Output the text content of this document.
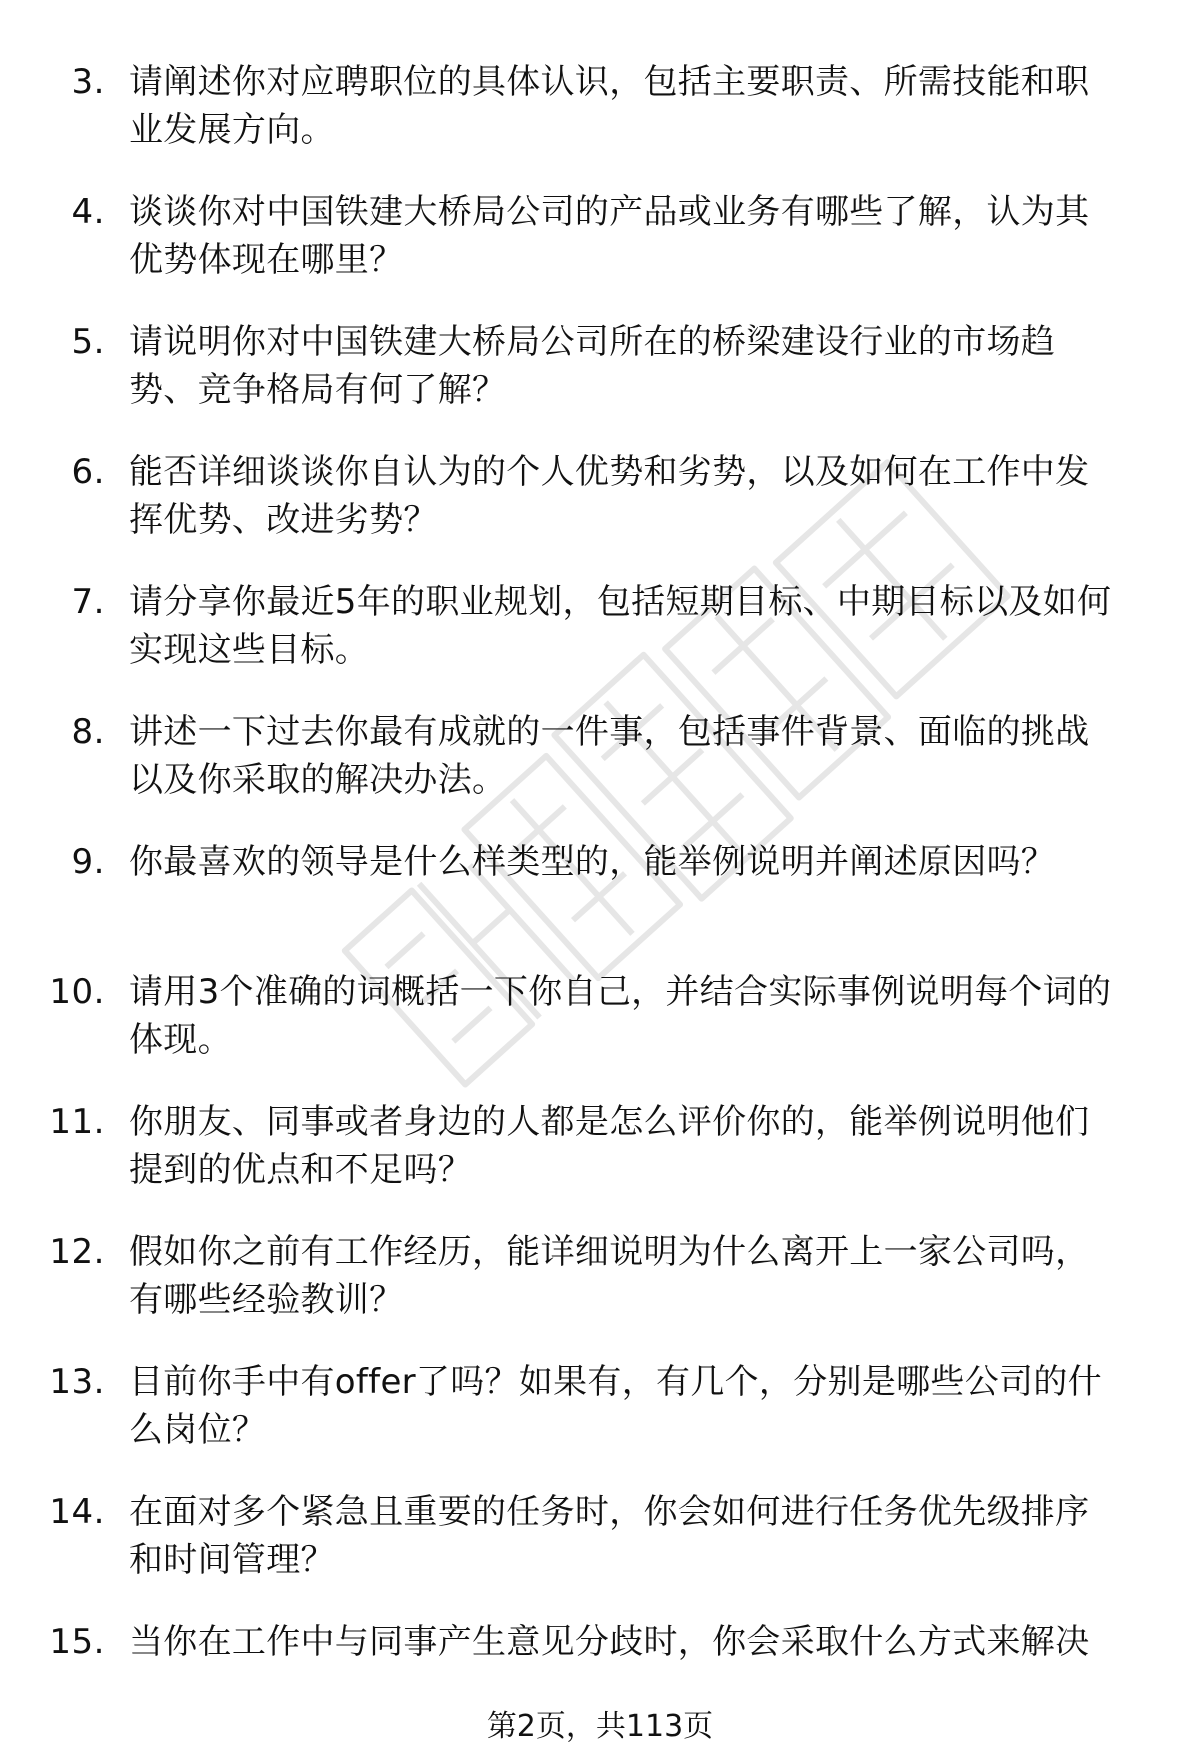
3. 请阐述你对应聘职位的具体认识，包括主要职责、所需技能和职
业发展方向。
4. 谈谈你对中国铁建大桥局公司的产品或业务有哪些了解，认为其
优势体现在哪里？
5. 请说明你对中国铁建大桥局公司所在的桥梁建设行业的市场趋
势、竞争格局有何了解？
6. 能否详细谈谈你自认为的个人优势和劣势，以及如何在工作中发
挥优势、改进劣势？
7. 请分享你最近5年的职业规划，包括短期目标、中期目标以及如何
实现这些目标。
8. 讲述一下过去你最有成就的一件事，包括事件背景、面临的挑战
以及你采取的解决办法。
9. 你最喜欢的领导是什么样类型的，能举例说明并阐述原因吗？
10. 请用3个准确的词概括一下你自己，并结合实际事例说明每个词的
体现。
11. 你朋友、同事或者身边的人都是怎么评价你的，能举例说明他们
提到的优点和不足吗？
12. 假如你之前有工作经历，能详细说明为什么离开上一家公司吗，
有哪些经验教训？
13. 目前你手中有offer了吗？如果有，有几个，分别是哪些公司的什
么岗位？
14. 在面对多个紧急且重要的任务时，你会如何进行任务优先级排序
和时间管理？
15. 当你在工作中与同事产生意见分歧时，你会采取什么方式来解决
第2页，共113页
